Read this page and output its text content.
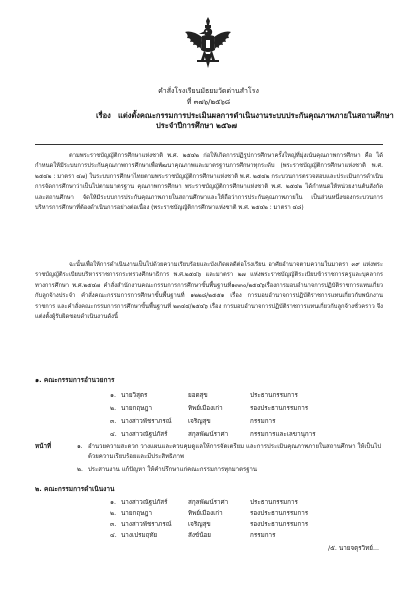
คำสั่งโรงเรียนมัธยมวัดด่านสำโรง
ที่ ๓๗๖/๒๕๖๘
เรื่อง แต่งตั้งคณะกรรมการประเมินผลการดำเนินงานระบบประกันคุณภาพภายในสถานศึกษา
ประจำปีการศึกษา ๒๕๖๗
ตามพระราชบัญญัติการศึกษาแห่งชาติ พ.ศ. ๒๕๔๒ ก่อให้เกิดการปฏิรูปการศึกษาครั้งใหญ่ที่มุ่งเน้นคุณภาพการศึกษา คือ ได้กำหนดให้มีระบบการประกันคุณภาพการศึกษาเพื่อพัฒนาคุณภาพและมาตรฐานการศึกษาทุกระดับ (พระราชบัญญัติการศึกษาแห่งชาติ พ.ศ. ๒๕๔๒ : มาตรา ๔๗) ในระบบการศึกษาไทยตามพระราชบัญญัติการศึกษาแห่งชาติ พ.ศ. ๒๕๔๒ กระบวนการตรวจสอบและประเมินการดำเนินการจัดการศึกษาว่าเป็นไปตามมาตรฐาน คุณภาพการศึกษา พระราชบัญญัติการศึกษาแห่งชาติ พ.ศ. ๒๕๔๒ ได้กำหนดให้หน่วยงานต้นสังกัดและสถานศึกษา จัดให้มีระบบการประกันคุณภาพภายในสถานศึกษาและให้ถือว่าการประกันคุณภาพภายใน เป็นส่วนหนึ่งของกระบวนการบริหารการศึกษาที่ต้องดำเนินการอย่างต่อเนื่อง (พระราชบัญญัติการศึกษาแห่งชาติ พ.ศ. ๒๕๔๒ : มาตรา ๔๘)
ฉะนั้นเพื่อให้การดำเนินงานเป็นไปด้วยความเรียบร้อยและบังเกิดผลดีต่อโรงเรียน อาศัยอำนาจตามความในมาตรา ๓๙ แห่งพระราชบัญญัติระเบียบบริหารราชการกระทรวงศึกษาธิการ พ.ศ.๒๕๔๖ และมาตรา ๒๗ แห่งพระราชบัญญัติระเบียบข้าราชการครูและบุคลากรทางการศึกษา พ.ศ.๒๕๔๗ คำสั่งสำนักงานคณะกรรมการการศึกษาขั้นพื้นฐานที่๑๓๓๐/๒๕๔๖เรื่องการมอบอำนาจการปฏิบัติราชการแทนเกี่ยวกับลูกจ้างประจำ คำสั่งคณะกรรมการการศึกษาขั้นพื้นฐานที่ ๑๒๒๘/๒๕๕๑ เรื่อง การมอบอำนาจการปฏิบัติราชการแทนเกี่ยวกับพนักงานราชการ และคำสั่งคณะกรรมการการศึกษาขั้นพื้นฐานที่ ๒๓๔๔/๒๕๔๖ เรื่อง การมอบอำนาจการปฏิบัติราชการแทนเกี่ยวกับลูกจ้างชั่วคราว จึงแต่งตั้งผู้รับผิดชอบดำเนินงานดังนี้
๑. คณะกรรมการอำนวยการ
๑. นายวิสุตร	ยอดสุข	ประธานกรรมการ
๒. นายกฤษฎา	ทิพย์เมืองเก่า	รองประธานกรรมการ
๓. นางสาวพัชราภรณ์	เจริญสุข	กรรมการ
๔. นางสาวณัฐปภัสร์	สกุลพัฒน์ราศา	กรรมการและเลขานุการ
หน้าที่	๑. อำนวยความสะดวก วางแผนและควบคุมดูแลให้การจัดเตรียม และการประเมินคุณภาพภายในสถานศึกษา ให้เป็นไปด้วยความเรียบร้อยและมีประสิทธิภาพ
๒. ประสานงาน แก้ปัญหา ให้คำปรึกษาแก่คณะกรรมการทุกมาตรฐาน
๒. คณะกรรมการดำเนินงาน
๑. นางสาวณัฐปภัสร์	สกุลพัฒน์ราศา	ประธานกรรมการ
๒. นายกฤษฎา	ทิพย์เมืองเก่า	รองประธานกรรมการ
๓. นางสาวพัชราภรณ์	เจริญสุข	รองประธานกรรมการ
๔. นางเปรมฤทัย	สังข์น้อย	กรรมการ
/๕. นายจตุรวิทย์...
